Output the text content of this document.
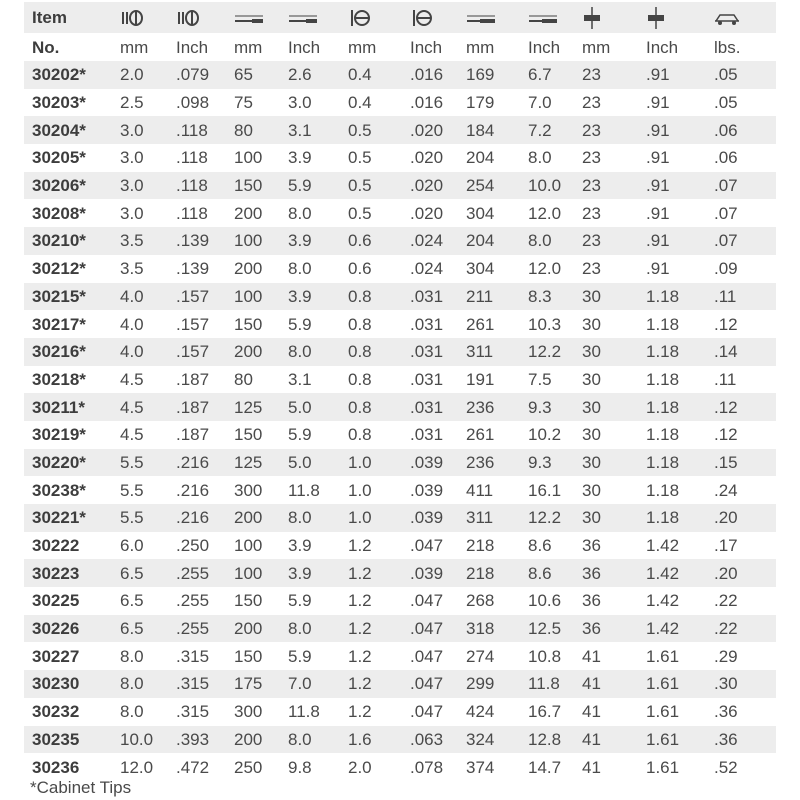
Item
No.	mm	Inch	mm	Inch	mm	Inch	mm	Inch	mm	Inch	lbs.
30202*	2.0	.079	65	2.6	0.4	.016	169	6.7	23	.91	.05
30203*	2.5	.098	75	3.0	0.4	.016	179	7.0	23	.91	.05
30204*	3.0	.118	80	3.1	0.5	.020	184	7.2	23	.91	.06
30205*	3.0	.118	100	3.9	0.5	.020	204	8.0	23	.91	.06
30206*	3.0	.118	150	5.9	0.5	.020	254	10.0	23	.91	.07
30208*	3.0	.118	200	8.0	0.5	.020	304	12.0	23	.91	.07
30210*	3.5	.139	100	3.9	0.6	.024	204	8.0	23	.91	.07
30212*	3.5	.139	200	8.0	0.6	.024	304	12.0	23	.91	.09
30215*	4.0	.157	100	3.9	0.8	.031	211	8.3	30	1.18	.11
30217*	4.0	.157	150	5.9	0.8	.031	261	10.3	30	1.18	.12
30216*	4.0	.157	200	8.0	0.8	.031	311	12.2	30	1.18	.14
30218*	4.5	.187	80	3.1	0.8	.031	191	7.5	30	1.18	.11
30211*	4.5	.187	125	5.0	0.8	.031	236	9.3	30	1.18	.12
30219*	4.5	.187	150	5.9	0.8	.031	261	10.2	30	1.18	.12
30220*	5.5	.216	125	5.0	1.0	.039	236	9.3	30	1.18	.15
30238*	5.5	.216	300	11.8	1.0	.039	411	16.1	30	1.18	.24
30221*	5.5	.216	200	8.0	1.0	.039	311	12.2	30	1.18	.20
30222	6.0	.250	100	3.9	1.2	.047	218	8.6	36	1.42	.17
30223	6.5	.255	100	3.9	1.2	.039	218	8.6	36	1.42	.20
30225	6.5	.255	150	5.9	1.2	.047	268	10.6	36	1.42	.22
30226	6.5	.255	200	8.0	1.2	.047	318	12.5	36	1.42	.22
30227	8.0	.315	150	5.9	1.2	.047	274	10.8	41	1.61	.29
30230	8.0	.315	175	7.0	1.2	.047	299	11.8	41	1.61	.30
30232	8.0	.315	300	11.8	1.2	.047	424	16.7	41	1.61	.36
30235	10.0	.393	200	8.0	1.6	.063	324	12.8	41	1.61	.36
30236	12.0	.472	250	9.8	2.0	.078	374	14.7	41	1.61	.52
*Cabinet Tips
